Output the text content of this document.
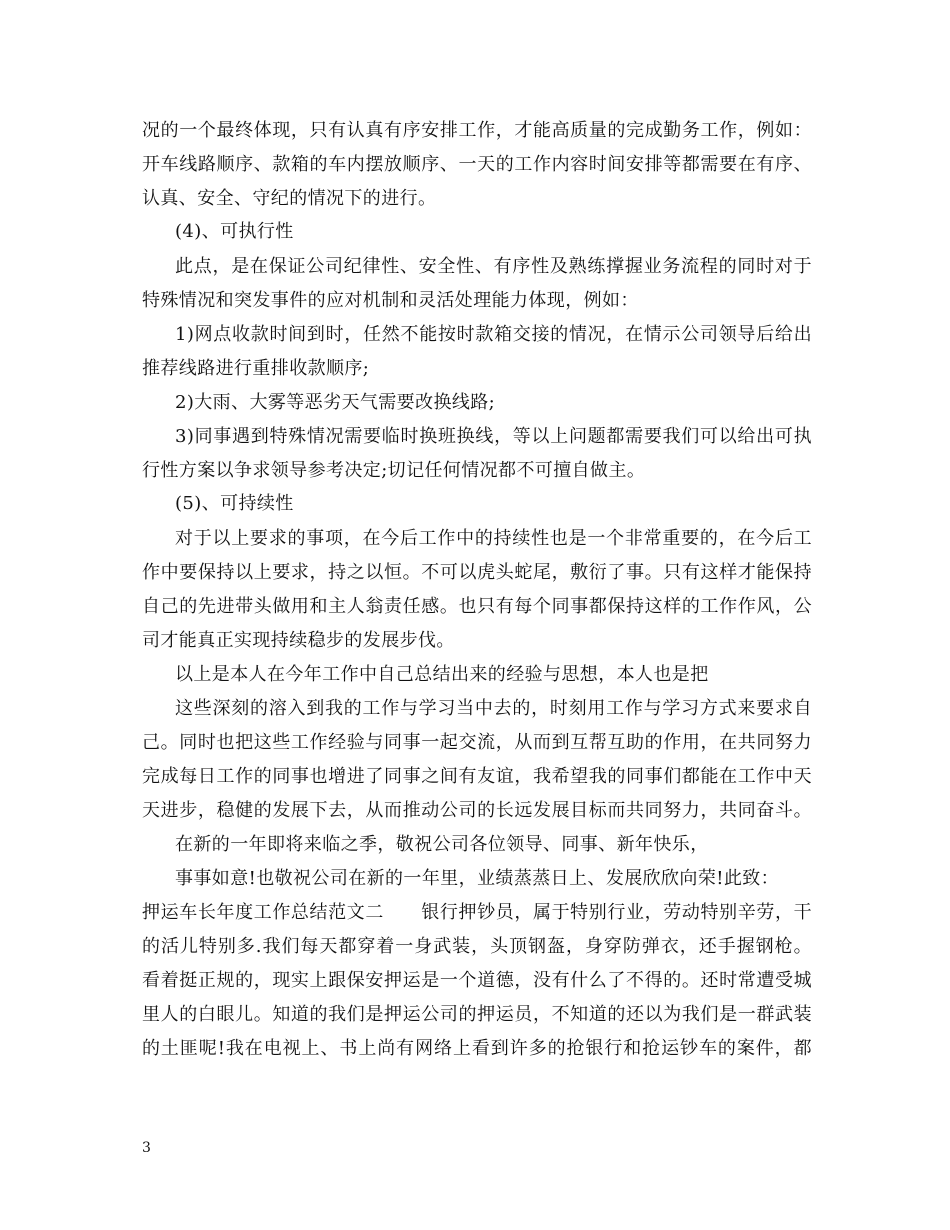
况的一个最终体现，只有认真有序安排工作，才能高质量的完成勤务工作，例如：
开车线路顺序、款箱的车内摆放顺序、一天的工作内容时间安排等都需要在有序、
认真、安全、守纪的情况下的进行。
(4)、可执行性
此点，是在保证公司纪律性、安全性、有序性及熟练撑握业务流程的同时对于
特殊情况和突发事件的应对机制和灵活处理能力体现，例如：
1)网点收款时间到时，任然不能按时款箱交接的情况，在情示公司领导后给出
推荐线路进行重排收款顺序;
2)大雨、大雾等恶劣天气需要改换线路;
3)同事遇到特殊情况需要临时换班换线，等以上问题都需要我们可以给出可执
行性方案以争求领导参考决定;切记任何情况都不可擅自做主。
(5)、可持续性
对于以上要求的事项，在今后工作中的持续性也是一个非常重要的，在今后工
作中要保持以上要求，持之以恒。不可以虎头蛇尾，敷衍了事。只有这样才能保持
自己的先进带头做用和主人翁责任感。也只有每个同事都保持这样的工作作风，公
司才能真正实现持续稳步的发展步伐。
以上是本人在今年工作中自己总结出来的经验与思想，本人也是把
这些深刻的溶入到我的工作与学习当中去的，时刻用工作与学习方式来要求自
己。同时也把这些工作经验与同事一起交流，从而到互帮互助的作用，在共同努力
完成每日工作的同事也增进了同事之间有友谊，我希望我的同事们都能在工作中天
天进步，稳健的发展下去，从而推动公司的长远发展目标而共同努力，共同奋斗。
在新的一年即将来临之季，敬祝公司各位领导、同事、新年快乐，
事事如意!也敬祝公司在新的一年里，业绩蒸蒸日上、发展欣欣向荣!此致：
押运车长年度工作总结范文二　　银行押钞员，属于特别行业，劳动特别辛劳，干
的活儿特别多.我们每天都穿着一身武装，头顶钢盔，身穿防弹衣，还手握钢枪。
看着挺正规的，现实上跟保安押运是一个道德，没有什么了不得的。还时常遭受城
里人的白眼儿。知道的我们是押运公司的押运员，不知道的还以为我们是一群武装
的土匪呢!我在电视上、书上尚有网络上看到许多的抢银行和抢运钞车的案件，都
3
